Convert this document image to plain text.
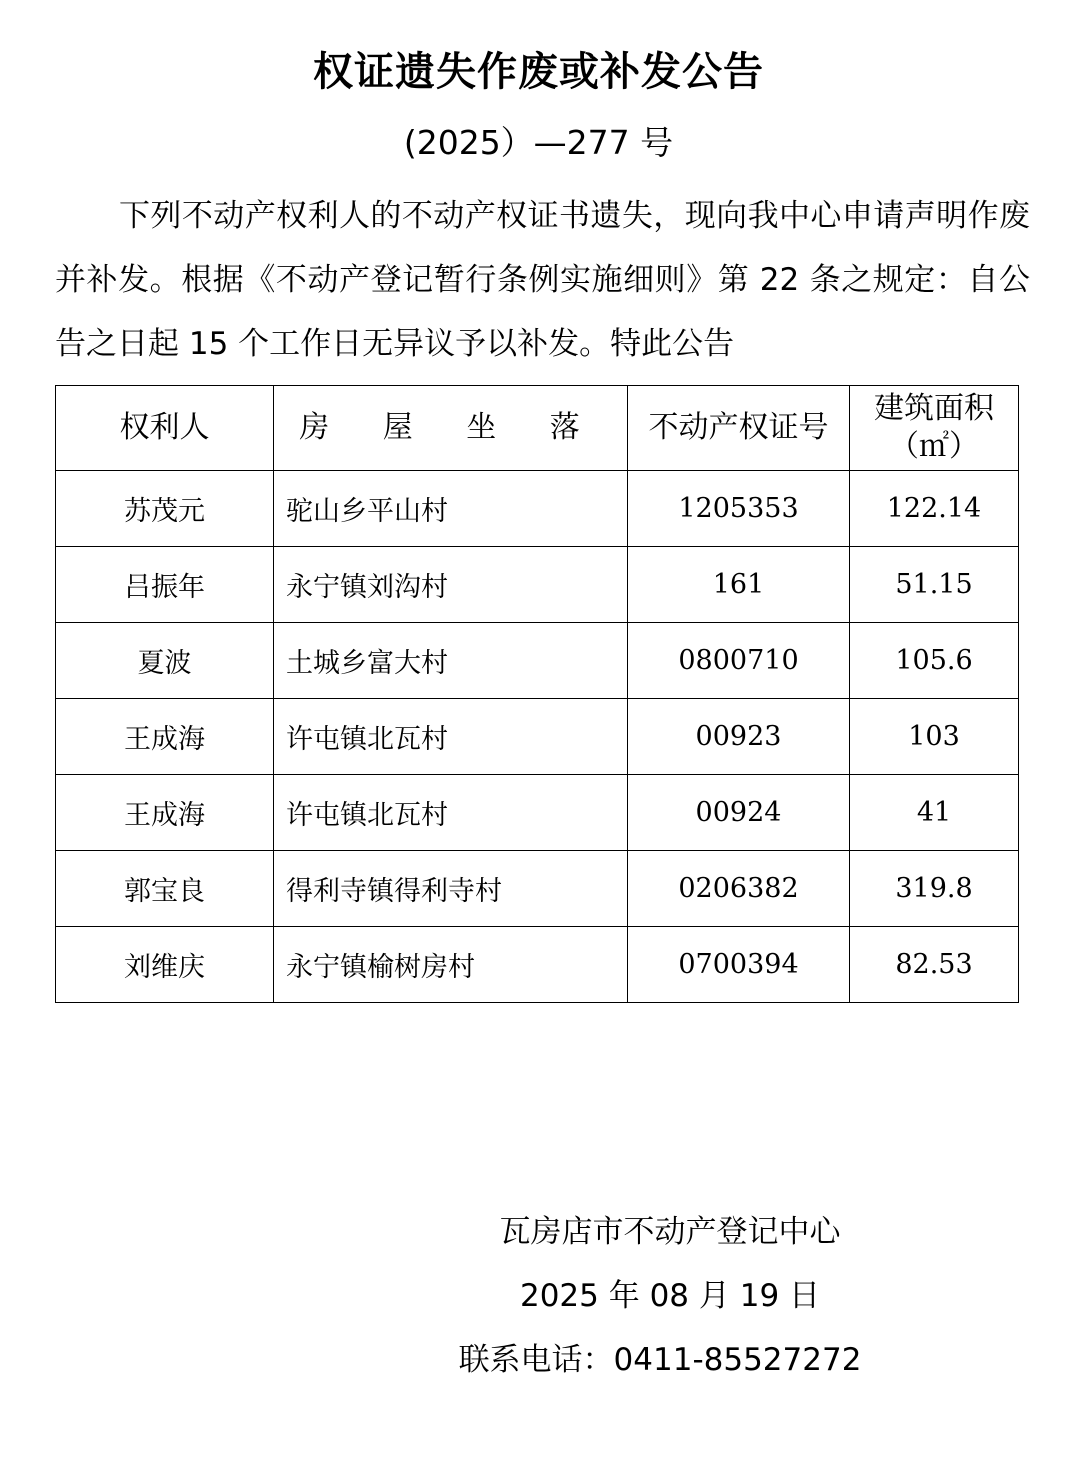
权证遗失作废或补发公告
(2025）—277 号

下列不动产权利人的不动产权证书遗失，现向我中心申请声明作废并补发。根据《不动产登记暂行条例实施细则》第 22 条之规定：自公告之日起 15 个工作日无异议予以补发。特此公告

权利人	房 屋 坐 落	不动产权证号	建筑面积（㎡）
苏茂元	驼山乡平山村	1205353	122.14
吕振年	永宁镇刘沟村	161	51.15
夏波	土城乡富大村	0800710	105.6
王成海	许屯镇北瓦村	00923	103
王成海	许屯镇北瓦村	00924	41
郭宝良	得利寺镇得利寺村	0206382	319.8
刘维庆	永宁镇榆树房村	0700394	82.53
瓦房店市不动产登记中心
2025 年 08 月 19 日
联系电话：0411-85527272
